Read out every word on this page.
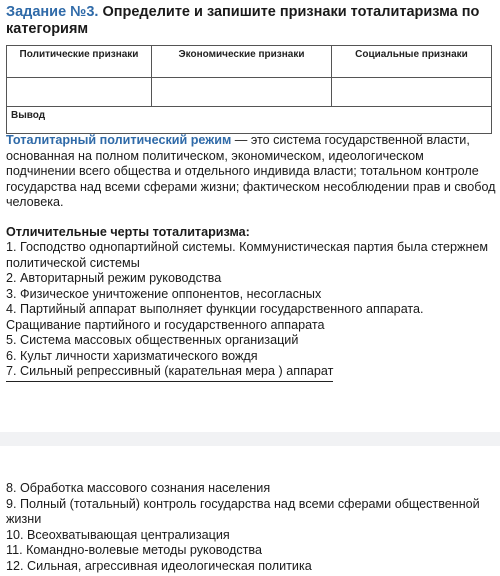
Задание №3. Определите и запишите признаки тоталитаризма по категориям
Политические признаки	Экономические признаки	Социальные признаки

Вывод		
Тоталитарный политический режим — это система государственной власти, основанная на полном политическом, экономическом, идеологическом подчинении всего общества и отдельного индивида власти; тотальном контроле государства над всеми сферами жизни; фактическом несоблюдении прав и свобод человека.
Отличительные черты тоталитаризма:
1. Господство однопартийной системы. Коммунистическая партия была стержнем политической системы
2. Авторитарный режим руководства
3. Физическое уничтожение оппонентов, несогласных
4. Партийный аппарат выполняет функции государственного аппарата. Сращивание партийного и государственного аппарата
5. Система массовых общественных организаций
6. Культ личности харизматического вождя
7. Сильный репрессивный (карательная мера ) аппарат
8. Обработка массового сознания населения
9. Полный (тотальный) контроль государства над всеми сферами общественной жизни
10. Всеохватывающая централизация
11. Командно-волевые методы руководства
12. Сильная, агрессивная идеологическая политика
